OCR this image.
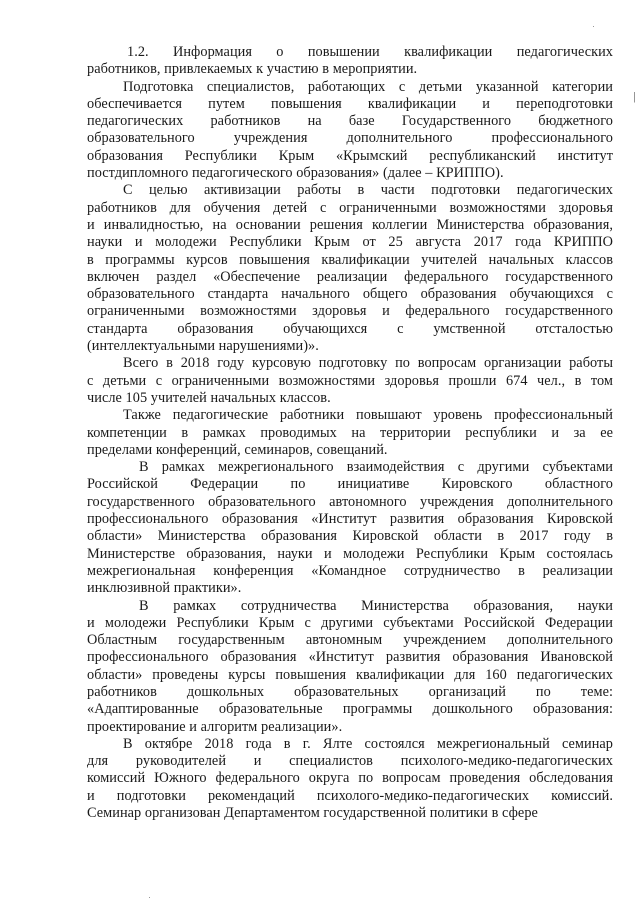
1.2. Информация о повышении квалификации педагогических
работников, привлекаемых к участию в мероприятии.

Подготовка специалистов, работающих с детьми указанной категории
обеспечивается путем повышения квалификации и переподготовки
педагогических работников на базе Государственного бюджетного
образовательного учреждения дополнительного профессионального
образования Республики Крым «Крымский республиканский институт
постдипломного педагогического образования» (далее – КРИППО).

С целью активизации работы в части подготовки педагогических
работников для обучения детей с ограниченными возможностями здоровья
и инвалидностью, на основании решения коллегии Министерства образования,
науки и молодежи Республики Крым от 25 августа 2017 года КРИППО
в программы курсов повышения квалификации учителей начальных классов
включен раздел «Обеспечение реализации федерального государственного
образовательного стандарта начального общего образования обучающихся с
ограниченными возможностями здоровья и федерального государственного
стандарта образования обучающихся с умственной отсталостью
(интеллектуальными нарушениями)».

Всего в 2018 году курсовую подготовку по вопросам организации работы
с детьми с ограниченными возможностями здоровья прошли 674 чел., в том
числе 105 учителей начальных классов.

Также педагогические работники повышают уровень профессиональный
компетенции в рамках проводимых на территории республики и за ее
пределами конференций, семинаров, совещаний.

В рамках межрегионального взаимодействия с другими субъектами
Российской Федерации по инициативе Кировского областного
государственного образовательного автономного учреждения дополнительного
профессионального образования «Институт развития образования Кировской
области» Министерства образования Кировской области в 2017 году в
Министерстве образования, науки и молодежи Республики Крым состоялась
межрегиональная конференция «Командное сотрудничество в реализации
инклюзивной практики».

В рамках сотрудничества Министерства образования, науки
и молодежи Республики Крым с другими субъектами Российской Федерации
Областным государственным автономным учреждением дополнительного
профессионального образования «Институт развития образования Ивановской
области» проведены курсы повышения квалификации для 160 педагогических
работников дошкольных образовательных организаций по теме:
«Адаптированные образовательные программы дошкольного образования:
проектирование и алгоритм реализации».

В октябре 2018 года в г. Ялте состоялся межрегиональный семинар
для руководителей и специалистов психолого-медико-педагогических
комиссий Южного федерального округа по вопросам проведения обследования
и подготовки рекомендаций психолого-медико-педагогических комиссий.
Семинар организован Департаментом государственной политики в сфере

·
|
·
